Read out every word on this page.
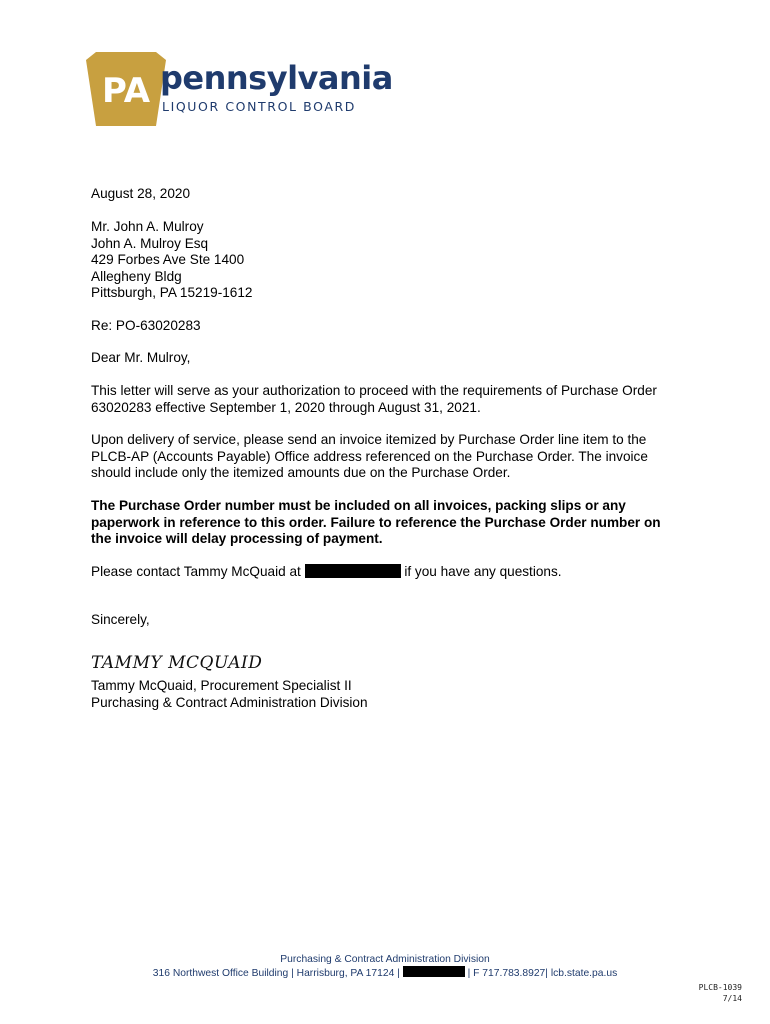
PA pennsylvania
LIQUOR CONTROL BOARD
August 28, 2020
Mr. John A. Mulroy
John A. Mulroy Esq
429 Forbes Ave Ste 1400
Allegheny Bldg
Pittsburgh, PA 15219-1612
Re: PO-63020283
Dear Mr. Mulroy,
This letter will serve as your authorization to proceed with the requirements of Purchase Order
63020283 effective September 1, 2020 through August 31, 2021.
Upon delivery of service, please send an invoice itemized by Purchase Order line item to the
PLCB-AP (Accounts Payable) Office address referenced on the Purchase Order. The invoice
should include only the itemized amounts due on the Purchase Order.
The Purchase Order number must be included on all invoices, packing slips or any
paperwork in reference to this order. Failure to reference the Purchase Order number on
the invoice will delay processing of payment.
Please contact Tammy McQuaid at	if you have any questions.
Sincerely,
TAMMY MCQUAID
Tammy McQuaid, Procurement Specialist II
Purchasing & Contract Administration Division
Purchasing & Contract Administration Division
316 Northwest Office Building | Harrisburg, PA 17124 |	| F 717.783.8927| lcb.state.pa.us
PLCB-1039
7/14
